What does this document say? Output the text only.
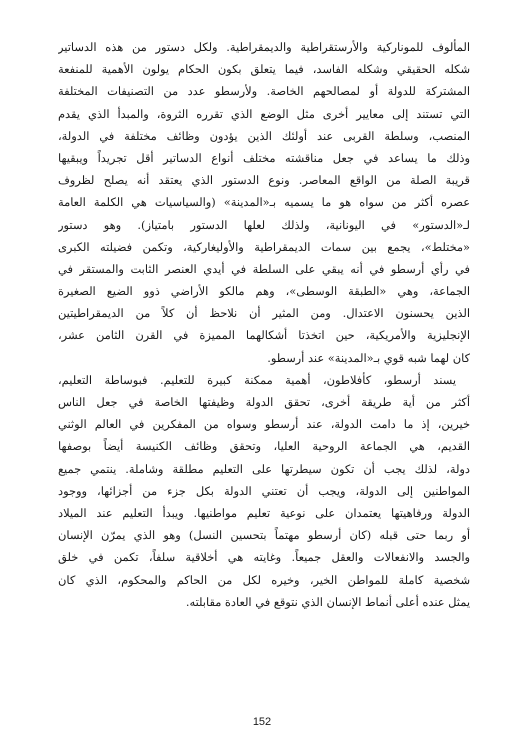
المألوف للموناركية والأرستقراطية والديمقراطية. ولكل دستور من هذه الدساتير
شكله الحقيقي وشكله الفاسد، فيما يتعلق بكون الحكام يولون الأهمية للمنفعة
المشتركة للدولة أو لمصالحهم الخاصة. ولأرسطو عدد من التصنيفات المختلفة
التي تستند إلى معايير أخرى مثل الوضع الذي تقرره الثروة، والمبدأ الذي يقدم
المنصب، وسلطة القربى عند أولئك الذين يؤدون وظائف مختلفة في الدولة،
وذلك ما يساعد في جعل مناقشته مختلف أنواع الدساتير أقل تجريداً ويبقيها
قريبة الصلة من الواقع المعاصر. ونوع الدستور الذي يعتقد أنه يصلح لظروف
عصره أكثر من سواه هو ما يسميه بـ«المدينة» (والسياسيات هي الكلمة العامة
لـ«الدستور» في اليونانية، ولذلك لعلها الدستور بامتياز). وهو دستور
«مختلط»، يجمع بين سمات الديمقراطية والأوليغاركية، وتكمن فضيلته الكبرى
في رأي أرسطو في أنه يبقي على السلطة في أيدي العنصر الثابت والمستقر في
الجماعة، وهي «الطبقة الوسطى»، وهم مالكو الأراضي ذوو الضيع الصغيرة
الذين يحسنون الاعتدال. ومن المثير أن نلاحظ أن كلاً من الديمقراطيتين
الإنجليزية والأمريكية، حين اتخذتا أشكالهما المميزة في القرن الثامن عشر،
كان لهما شبه قوي بـ«المدينة» عند أرسطو.
يسند أرسطو، كأفلاطون، أهمية ممكنة كبيرة للتعليم. فبوساطة التعليم،
أكثر من أية طريقة أخرى، تحقق الدولة وظيفتها الخاصة في جعل الناس
خيرين، إذ ما دامت الدولة، عند أرسطو وسواه من المفكرين في العالم الوثني
القديم، هي الجماعة الروحية العليا، وتحقق وظائف الكنيسة أيضاً بوصفها
دولة، لذلك يجب أن تكون سيطرتها على التعليم مطلقة وشاملة. ينتمي جميع
المواطنين إلى الدولة، ويجب أن تعتني الدولة بكل جزء من أجزائها، ووجود
الدولة ورفاهيتها يعتمدان على نوعية تعليم مواطنيها. ويبدأ التعليم عند الميلاد
أو ربما حتى قبله (كان أرسطو مهتماً بتحسين النسل) وهو الذي يمرّن الإنسان
والجسد والانفعالات والعقل جميعاً. وغايته هي أخلاقية سلفاً، تكمن في خلق
شخصية كاملة للمواطن الخير، وخيره لكل من الحاكم والمحكوم، الذي كان
يمثل عنده أعلى أنماط الإنسان الذي نتوقع في العادة مقابلته.
152
